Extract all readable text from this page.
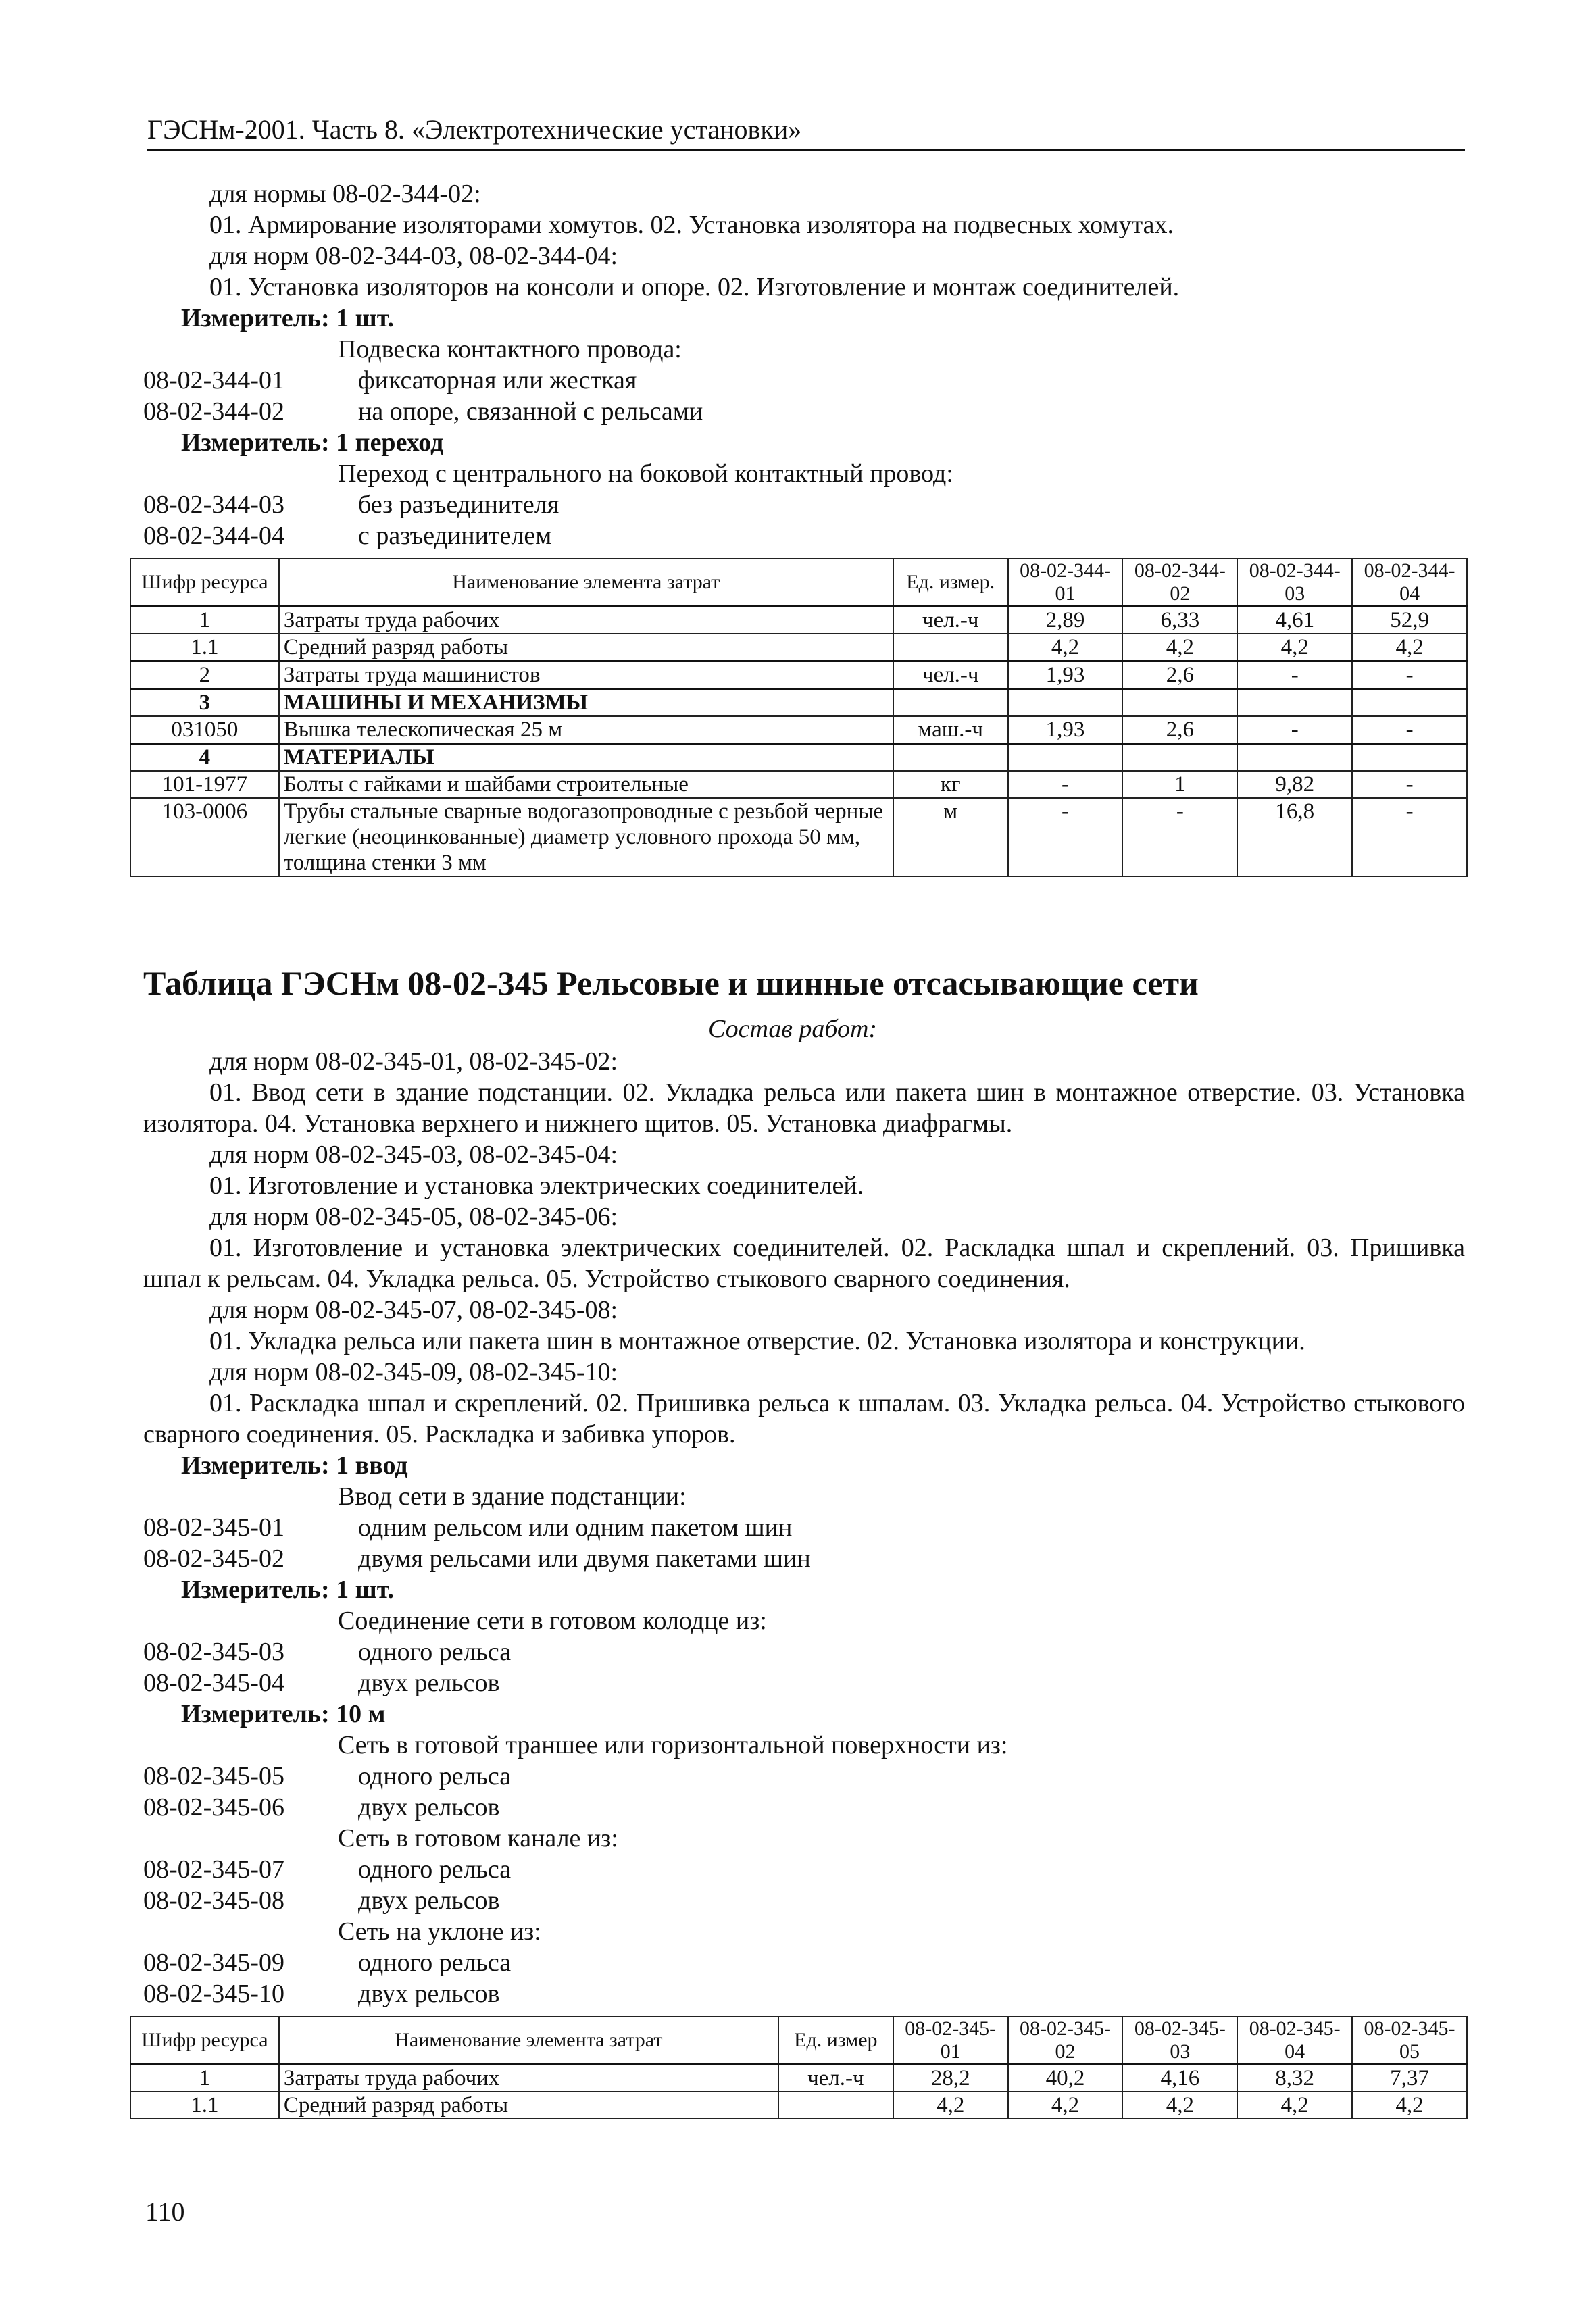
ГЭСНм-2001. Часть 8. «Электротехнические установки»
для нормы 08-02-344-02:
01. Армирование изоляторами хомутов. 02. Установка изолятора на подвесных хомутах.
для норм 08-02-344-03, 08-02-344-04:
01. Установка изоляторов на консоли и опоре. 02. Изготовление и монтаж соединителей.
Измеритель: 1 шт.
Подвеска контактного провода:
08-02-344-01	фиксаторная или жесткая
08-02-344-02	на опоре, связанной с рельсами
Измеритель: 1 переход
Переход с центрального на боковой контактный провод:
08-02-344-03	без разъединителя
08-02-344-04	с разъединителем
Шифр ресурса	Наименование элемента затрат	Ед. измер.	08-02-344-01	08-02-344-02	08-02-344-03	08-02-344-04
1	Затраты труда рабочих	чел.-ч	2,89	6,33	4,61	52,9
1.1	Средний разряд работы		4,2	4,2	4,2	4,2
2	Затраты труда машинистов	чел.-ч	1,93	2,6	-	-
3	МАШИНЫ И МЕХАНИЗМЫ					
031050	Вышка телескопическая 25 м	маш.-ч	1,93	2,6	-	-
4	МАТЕРИАЛЫ					
101-1977	Болты с гайками и шайбами строительные	кг	-	1	9,82	-
103-0006	Трубы стальные сварные водогазопроводные с резьбой черные легкие (неоцинкованные) диаметр условного прохода 50 мм, толщина стенки 3 мм	м	-	-	16,8	-
Таблица ГЭСНм 08-02-345 Рельсовые и шинные отсасывающие сети
Состав работ:
для норм 08-02-345-01, 08-02-345-02:
01. Ввод сети в здание подстанции. 02. Укладка рельса или пакета шин в монтажное отверстие. 03. Установка изолятора. 04. Установка верхнего и нижнего щитов. 05. Установка диафрагмы.
для норм 08-02-345-03, 08-02-345-04:
01. Изготовление и установка электрических соединителей.
для норм 08-02-345-05, 08-02-345-06:
01. Изготовление и установка электрических соединителей. 02. Раскладка шпал и скреплений. 03. Пришивка шпал к рельсам. 04. Укладка рельса. 05. Устройство стыкового сварного соединения.
для норм 08-02-345-07, 08-02-345-08:
01. Укладка рельса или пакета шин в монтажное отверстие. 02. Установка изолятора и конструкции.
для норм 08-02-345-09, 08-02-345-10:
01. Раскладка шпал и скреплений. 02. Пришивка рельса к шпалам. 03. Укладка рельса. 04. Устройство стыкового сварного соединения. 05. Раскладка и забивка упоров.
Измеритель: 1 ввод
Ввод сети в здание подстанции:
08-02-345-01	одним рельсом или одним пакетом шин
08-02-345-02	двумя рельсами или двумя пакетами шин
Измеритель: 1 шт.
Соединение сети в готовом колодце из:
08-02-345-03	одного рельса
08-02-345-04	двух рельсов
Измеритель: 10 м
Сеть в готовой траншее или горизонтальной поверхности из:
08-02-345-05	одного рельса
08-02-345-06	двух рельсов
Сеть в готовом канале из:
08-02-345-07	одного рельса
08-02-345-08	двух рельсов
Сеть на уклоне из:
08-02-345-09	одного рельса
08-02-345-10	двух рельсов
Шифр ресурса	Наименование элемента затрат	Ед. измер	08-02-345-01	08-02-345-02	08-02-345-03	08-02-345-04	08-02-345-05
1	Затраты труда рабочих	чел.-ч	28,2	40,2	4,16	8,32	7,37
1.1	Средний разряд работы		4,2	4,2	4,2	4,2	4,2
110
